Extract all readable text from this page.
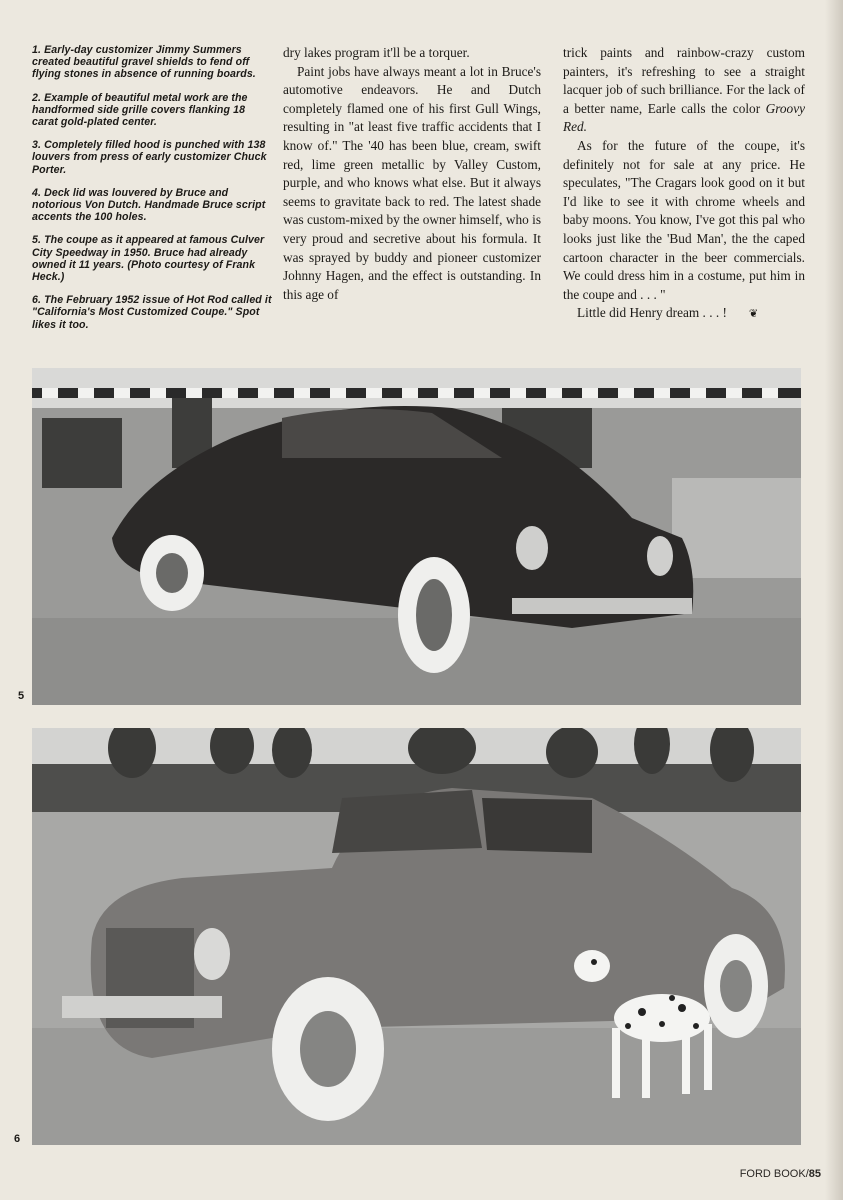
1. Early-day customizer Jimmy Summers created beautiful gravel shields to fend off flying stones in absence of running boards.

2. Example of beautiful metal work are the handformed side grille covers flanking 18 carat gold-plated center.

3. Completely filled hood is punched with 138 louvers from press of early customizer Chuck Porter.

4. Deck lid was louvered by Bruce and notorious Von Dutch. Handmade Bruce script accents the 100 holes.

5. The coupe as it appeared at famous Culver City Speedway in 1950. Bruce had already owned it 11 years. (Photo courtesy of Frank Heck.)

6. The February 1952 issue of Hot Rod called it "California's Most Customized Coupe." Spot likes it too.

dry lakes program it'll be a torquer.

Paint jobs have always meant a lot in Bruce's automotive endeavors. He and Dutch completely flamed one of his first Gull Wings, resulting in "at least five traffic accidents that I know of." The '40 has been blue, cream, swift red, lime green metallic by Valley Custom, purple, and who knows what else. But it always seems to gravitate back to red. The latest shade was custom-mixed by the owner himself, who is very proud and secretive about his formula. It was sprayed by buddy and pioneer customizer Johnny Hagen, and the effect is outstanding. In this age of

trick paints and rainbow-crazy custom painters, it's refreshing to see a straight lacquer job of such brilliance. For the lack of a better name, Earle calls the color Groovy Red.

As for the future of the coupe, it's definitely not for sale at any price. He speculates, "The Cragars look good on it but I'd like to see it with chrome wheels and baby moons. You know, I've got this pal who looks just like the 'Bud Man', the the caped cartoon character in the beer commercials. We could dress him in a costume, put him in the coupe and . . . "

Little did Henry dream . . . ! ❦

5
6
FORD BOOK/85
